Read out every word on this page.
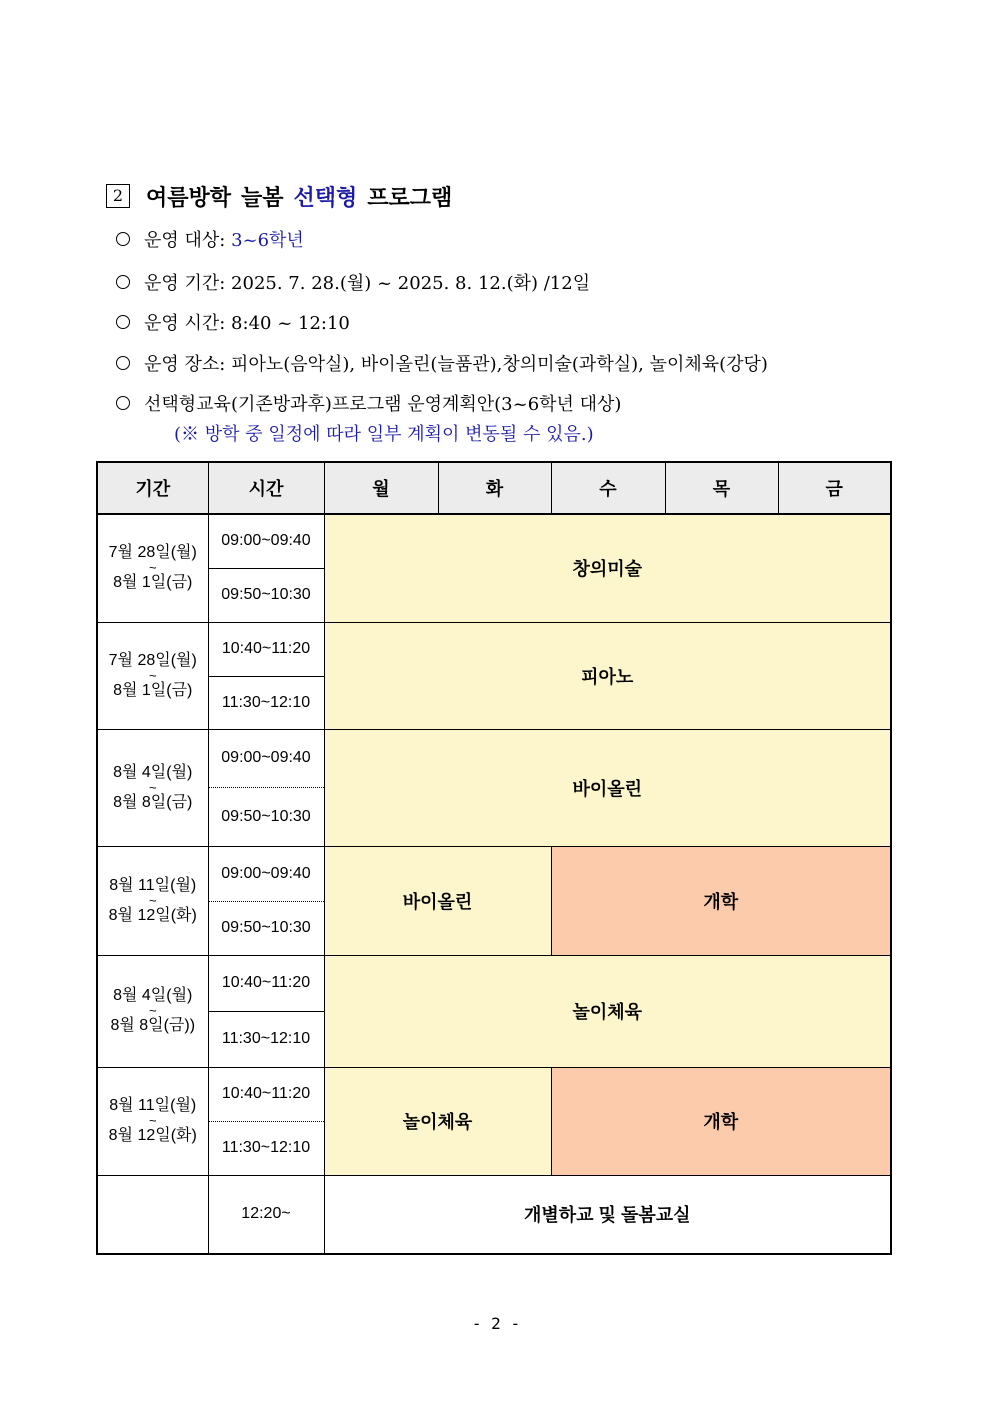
2	여름방학 늘봄 선택형 프로그램
운영 대상: 3~6학년
운영 기간: 2025. 7. 28.(월) ~ 2025. 8. 12.(화) /12일
운영 시간: 8:40 ~ 12:10
운영 장소: 피아노(음악실), 바이올린(늘품관),창의미술(과학실), 놀이체육(강당)
선택형교육(기존방과후)프로그램 운영계획안(3~6학년 대상)
(※ 방학 중 일정에 따라 일부 계획이 변동될 수 있음.)
기간	시간	월	화	수	목	금

7월 28일(월)
~
8월 1일(금)	09:00~09:40	창의미술				
	09:50~10:30					

7월 28일(월)
~
8월 1일(금)	10:40~11:20	피아노				
	11:30~12:10					

8월 4일(월)
~
8월 8일(금)	09:00~09:40	바이올린				
	09:50~10:30					

8월 11일(월)
~
8월 12일(화)	09:00~09:40	바이올린		개학		
	09:50~10:30					

8월 4일(월)
~
8월 8일(금))	10:40~11:20	놀이체육				
	11:30~12:10					

8월 11일(월)
~
8월 12일(화)	10:40~11:20	놀이체육		개학		
	11:30~12:10					
	12:20~	개별하교 및 돌봄교실				
- 2 -
